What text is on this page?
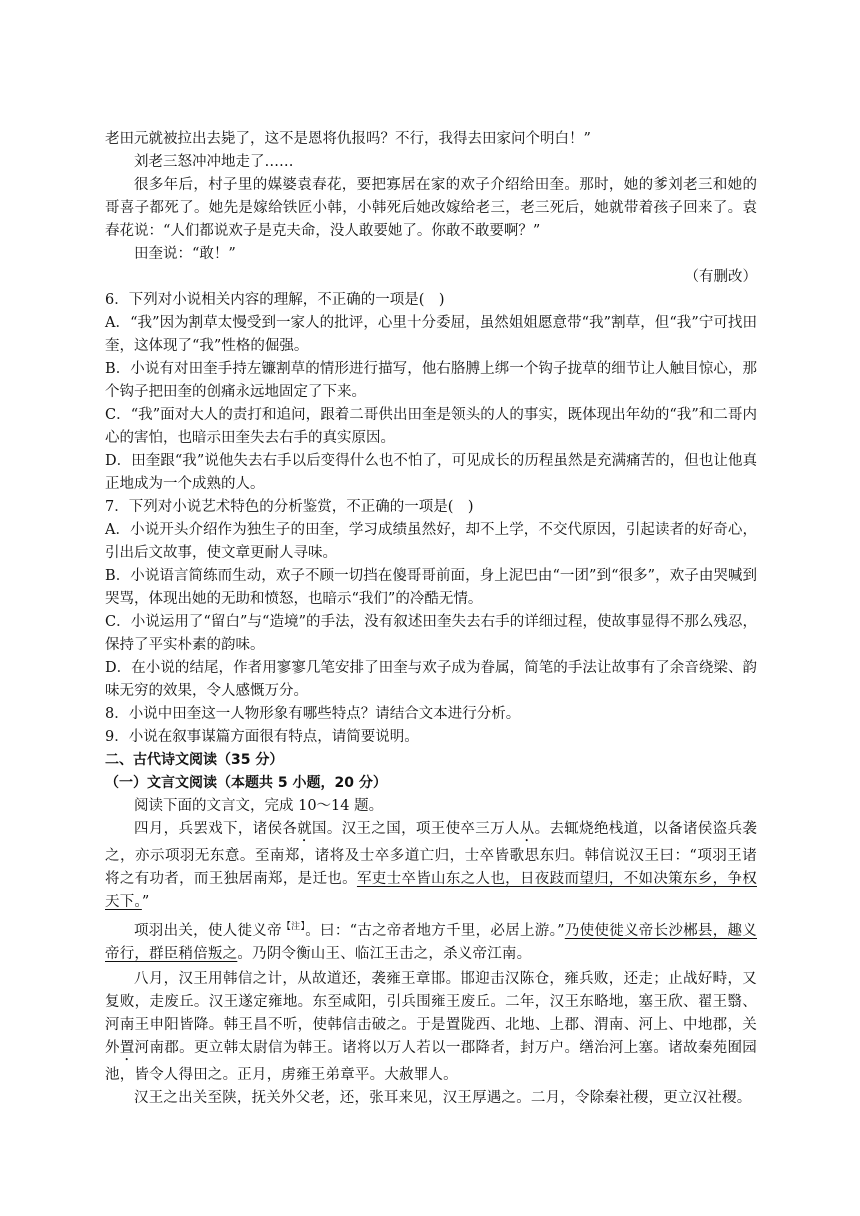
老田元就被拉出去毙了，这不是恩将仇报吗？不行，我得去田家问个明白！”

刘老三怒冲冲地走了……

很多年后，村子里的媒婆袁春花，要把寡居在家的欢子介绍给田奎。那时，她的爹刘老三和她的哥喜子都死了。她先是嫁给铁匠小韩，小韩死后她改嫁给老三，老三死后，她就带着孩子回来了。袁春花说：“人们都说欢子是克夫命，没人敢要她了。你敢不敢要啊？”

田奎说：“敢！”

（有删改）

6．下列对小说相关内容的理解，不正确的一项是(　)

A．“我”因为割草太慢受到一家人的批评，心里十分委屈，虽然姐姐愿意带“我”割草，但“我”宁可找田奎，这体现了“我”性格的倔强。

B．小说有对田奎手持左镰割草的情形进行描写，他右胳膊上绑一个钩子拢草的细节让人触目惊心，那个钩子把田奎的创痛永远地固定了下来。

C．“我”面对大人的责打和追问，跟着二哥供出田奎是领头的人的事实，既体现出年幼的“我”和二哥内心的害怕，也暗示田奎失去右手的真实原因。

D．田奎跟“我”说他失去右手以后变得什么也不怕了，可见成长的历程虽然是充满痛苦的，但也让他真正地成为一个成熟的人。

7．下列对小说艺术特色的分析鉴赏，不正确的一项是(　)

A．小说开头介绍作为独生子的田奎，学习成绩虽然好，却不上学，不交代原因，引起读者的好奇心，引出后文故事，使文章更耐人寻味。

B．小说语言简练而生动，欢子不顾一切挡在傻哥哥前面，身上泥巴由“一团”到“很多”，欢子由哭喊到哭骂，体现出她的无助和愤怒，也暗示“我们”的冷酷无情。

C．小说运用了“留白”与“造境”的手法，没有叙述田奎失去右手的详细过程，使故事显得不那么残忍，保持了平实朴素的韵味。

D．在小说的结尾，作者用寥寥几笔安排了田奎与欢子成为眷属，简笔的手法让故事有了余音绕梁、韵味无穷的效果，令人感慨万分。

8．小说中田奎这一人物形象有哪些特点？请结合文本进行分析。

9．小说在叙事谋篇方面很有特点，请简要说明。

二、古代诗文阅读（35 分）

（一）文言文阅读（本题共 5 小题，20 分）

阅读下面的文言文，完成 10～14 题。

四月，兵罢戏下，诸侯各就国。汉王之国，项王使卒三万人从。去辄烧绝栈道，以备诸侯盗兵袭之，亦示项羽无东意。至南郑，诸将及士卒多道亡归，士卒皆歌思东归。韩信说汉王曰：“项羽王诸将之有功者，而王独居南郑，是迁也。军吏士卒皆山东之人也，日夜跂而望归，不如决策东乡，争权天下。”

项羽出关，使人徙义帝$^{【注】}$。曰：“古之帝者地方千里，必居上游。”乃使使徙义帝长沙郴县，趣义帝行，群臣稍倍叛之。乃阴令衡山王、临江王击之，杀义帝江南。

八月，汉王用韩信之计，从故道还，袭雍王章邯。邯迎击汉陈仓，雍兵败，还走；止战好畤，又复败，走废丘。汉王遂定雍地。东至咸阳，引兵围雍王废丘。二年，汉王东略地，塞王欣、翟王翳、河南王申阳皆降。韩王昌不听，使韩信击破之。于是置陇西、北地、上郡、渭南、河上、中地郡，关外置河南郡。更立韩太尉信为韩王。诸将以万人若以一郡降者，封万户。缮治河上塞。诸故秦苑囿园池，皆令人得田之。正月，虏雍王弟章平。大赦罪人。

汉王之出关至陕，抚关外父老，还，张耳来见，汉王厚遇之。二月，令除秦社稷，更立汉社稷。
